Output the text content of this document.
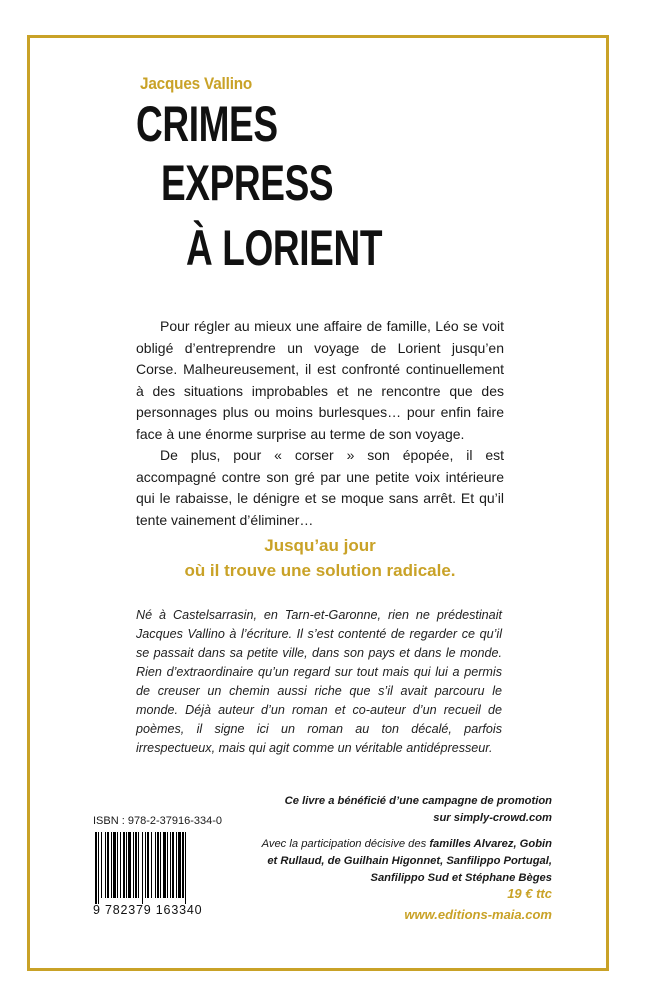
Jacques Vallino
CRIMES
EXPRESS
À LORIENT

Pour régler au mieux une affaire de famille, Léo se voit obligé d’entreprendre un voyage de Lorient jusqu’en Corse. Malheureusement, il est confronté continuellement à des situations improbables et ne rencontre que des personnages plus ou moins burlesques… pour enfin faire face à une énorme surprise au terme de son voyage.

De plus, pour « corser » son épopée, il est accompagné contre son gré par une petite voix intérieure qui le rabaisse, le dénigre et se moque sans arrêt. Et qu’il tente vainement d’éliminer…

Jusqu’au jour
où il trouve une solution radicale.
Né à Castelsarrasin, en Tarn-et-Garonne, rien ne prédestinait Jacques Vallino à l’écriture. Il s’est contenté de regarder ce qu’il se passait dans sa petite ville, dans son pays et dans le monde. Rien d’extraordinaire qu’un regard sur tout mais qui lui a permis de creuser un chemin aussi riche que s’il avait parcouru le monde. Déjà auteur d’un roman et co-auteur d’un recueil de poèmes, il signe ici un roman au ton décalé, parfois irrespectueux, mais qui agit comme un véritable antidépresseur.
Ce livre a bénéficié d’une campagne de promotion
sur simply-crowd.com
Avec la participation décisive des familles Alvarez, Gobin et Rullaud, de Guilhain Higonnet, Sanfilippo Portugal, Sanfilippo Sud et Stéphane Bèges
19 € ttc
www.editions-maia.com
ISBN : 978-2-37916-334-0
9 782379 163340
